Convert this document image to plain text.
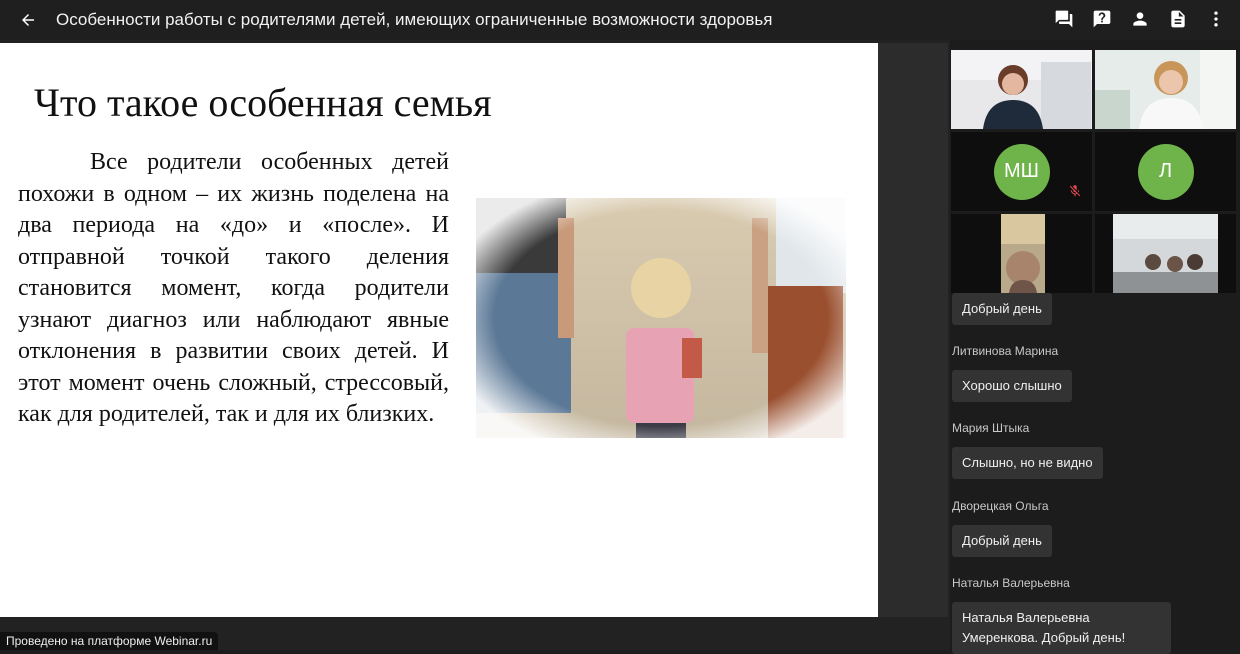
Особенности работы с родителями детей, имеющих ограниченные возможности здоровья
Что такое особенная семья
Все родители особенных детей похожи в одном – их жизнь поделена на два периода на «до» и «после». И отправной точкой такого деления становится момент, когда родители узнают диагноз или наблюдают явные отклонения в развитии своих детей. И этот момент очень сложный, стрессовый, как для родителей, так и для их близких.
Проведено на платформе Webinar.ru
МШ	Л
Добрый день
Литвинова Марина
Хорошо слышно
Мария Штыка
Слышно, но не видно
Дворецкая Ольга
Добрый день
Наталья Валерьевна
Наталья Валерьевна Умеренкова. Добрый день!
